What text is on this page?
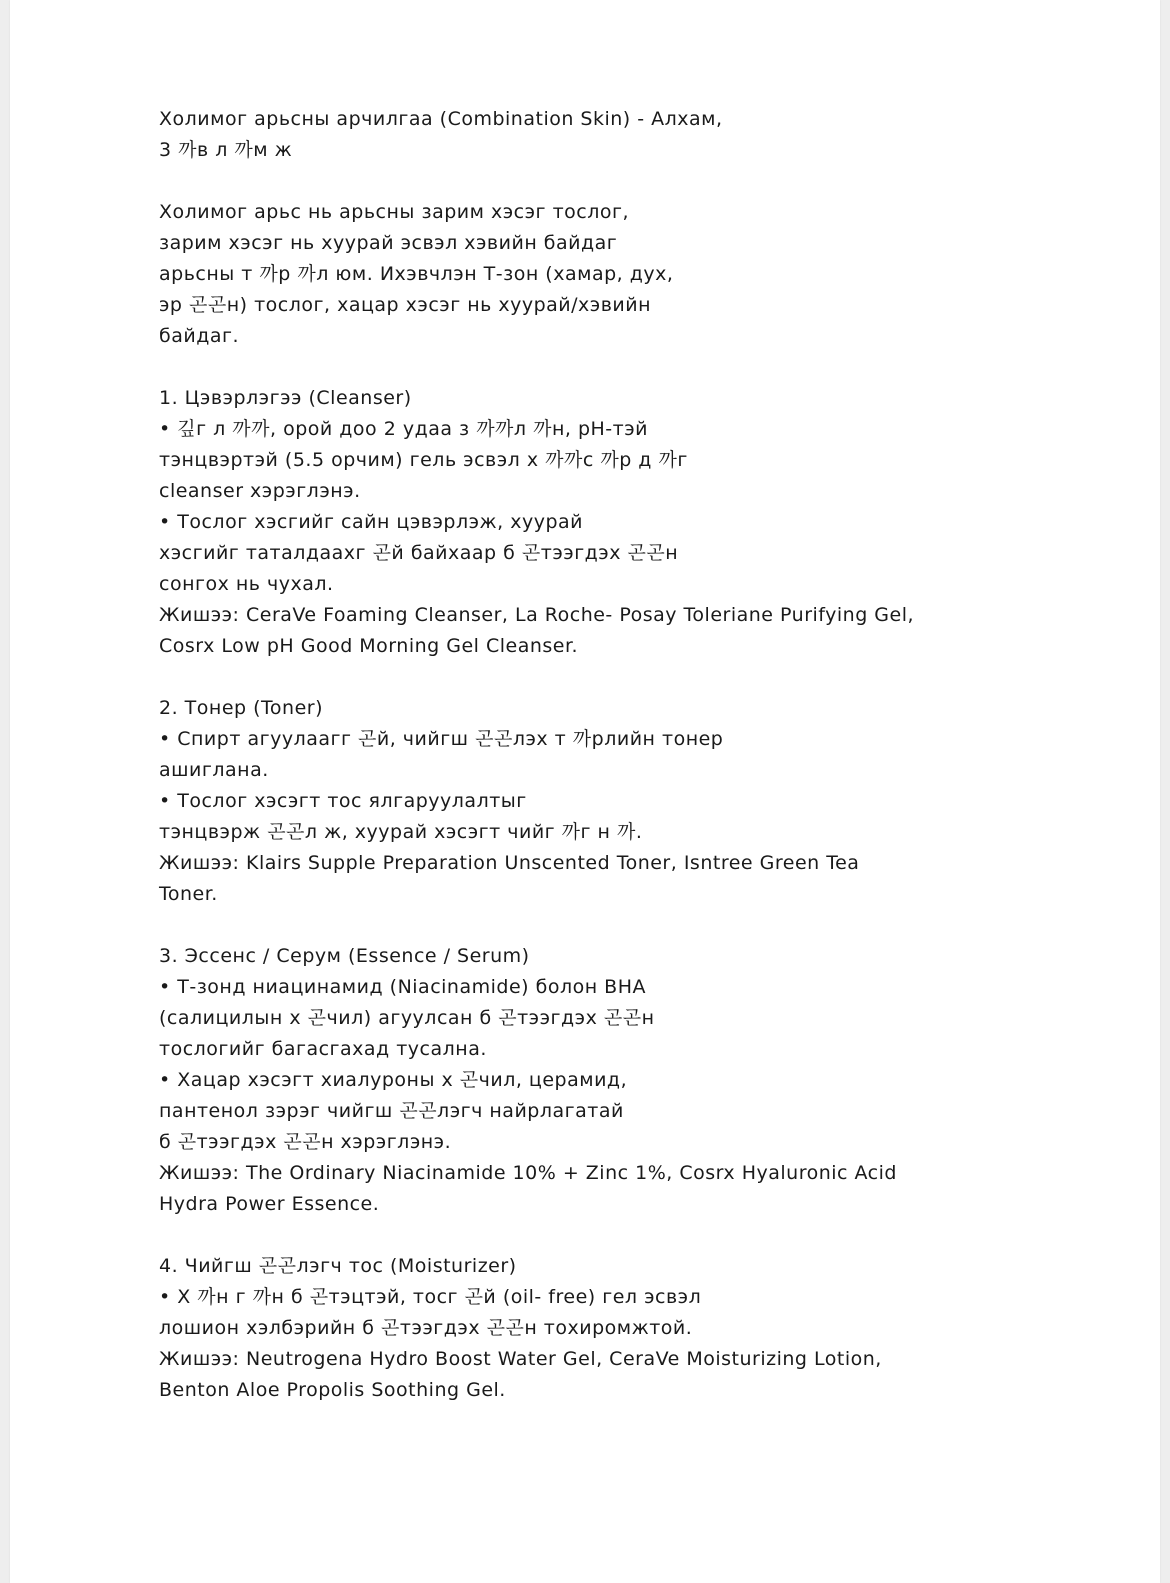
Холимог арьсны арчилгаа (Combination Skin) - Алхам,
3 까в л 까м ж
Холимог арьс нь арьсны зарим хэсэг тослог,
зарим хэсэг нь хуурай эсвэл хэвийн байдаг
арьсны т 까р 까л юм. Ихэвчлэн Т-зон (хамар, дух,
эр 곤곤н) тослог, хацар хэсэг нь хуурай/хэвийн
байдаг.
1. Цэвэрлэгээ (Cleanser)
• 깊г л 까까, орой доо 2 удаа з 까까л 까н, pH-тэй
тэнцвэртэй (5.5 орчим) гель эсвэл х 까까с 까р д 까г
cleanser хэрэглэнэ.
• Тослог хэсгийг сайн цэвэрлэж, хуурай
хэсгийг таталдаахг 곤й байхаар б 곤тээгдэх 곤곤н
сонгох нь чухал.
Жишээ: CeraVe Foaming Cleanser, La Roche- Posay Toleriane Purifying Gel,
Cosrx Low pH Good Morning Gel Cleanser.
2. Тонер (Toner)
• Спирт агуулаагг 곤й, чийгш 곤곤лэх т 까рлийн тонер
ашиглана.
• Тослог хэсэгт тос ялгаруулалтыг
тэнцвэрж 곤곤л ж, хуурай хэсэгт чийг 까г н 까.
Жишээ: Klairs Supple Preparation Unscented Toner, Isntree Green Tea
Toner.
3. Эссенс / Серум (Essence / Serum)
• Т-зонд ниацинамид (Niacinamide) болон BHA
(салицилын х 곤чил) агуулсан б 곤тээгдэх 곤곤н
тослогийг багасгахад тусална.
• Хацар хэсэгт хиалуроны х 곤чил, церамид,
пантенол зэрэг чийгш 곤곤лэгч найрлагатай
б 곤тээгдэх 곤곤н хэрэглэнэ.
Жишээ: The Ordinary Niacinamide 10% + Zinc 1%, Cosrx Hyaluronic Acid
Hydra Power Essence.
4. Чийгш 곤곤лэгч тос (Moisturizer)
• Х 까н г 까н б 곤тэцтэй, тосг 곤й (oil- free) гел эсвэл
лошион хэлбэрийн б 곤тээгдэх 곤곤н тохиромжтой.
Жишээ: Neutrogena Hydro Boost Water Gel, CeraVe Moisturizing Lotion,
Benton Aloe Propolis Soothing Gel.
